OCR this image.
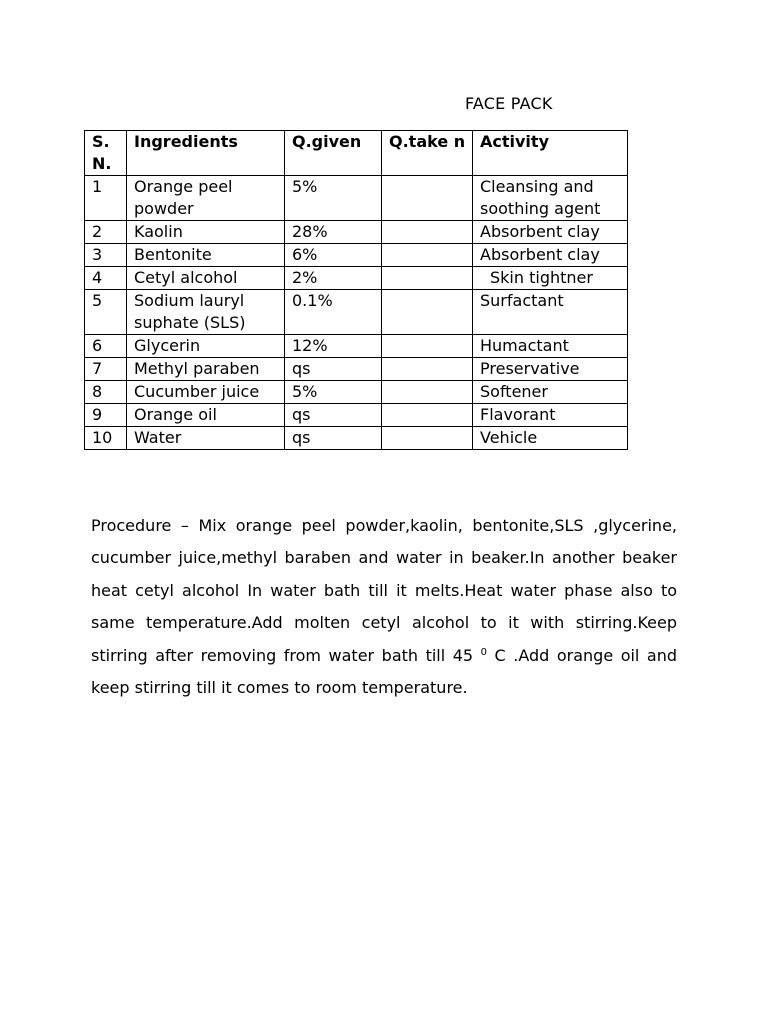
FACE PACK
S. N.	Ingredients	Q.given	Q.take n	Activity
1	Orange peel powder	5%		Cleansing and soothing agent
2	Kaolin	28%		Absorbent clay
3	Bentonite	6%		Absorbent clay
4	Cetyl alcohol	2%		Skin tightner
5	Sodium lauryl suphate (SLS)	0.1%		Surfactant
6	Glycerin	12%		Humactant
7	Methyl paraben	qs		Preservative
8	Cucumber juice	5%		Softener
9	Orange oil	qs		Flavorant
10	Water	qs		Vehicle

Procedure – Mix orange peel powder,kaolin, bentonite,SLS ,glycerine, cucumber juice,methyl baraben and water in beaker.In another beaker heat cetyl alcohol In water bath till it melts.Heat water phase also to same temperature.Add molten cetyl alcohol to it with stirring.Keep stirring after removing from water bath till 45 $^0$ C .Add orange oil and keep stirring till it comes to room temperature.
